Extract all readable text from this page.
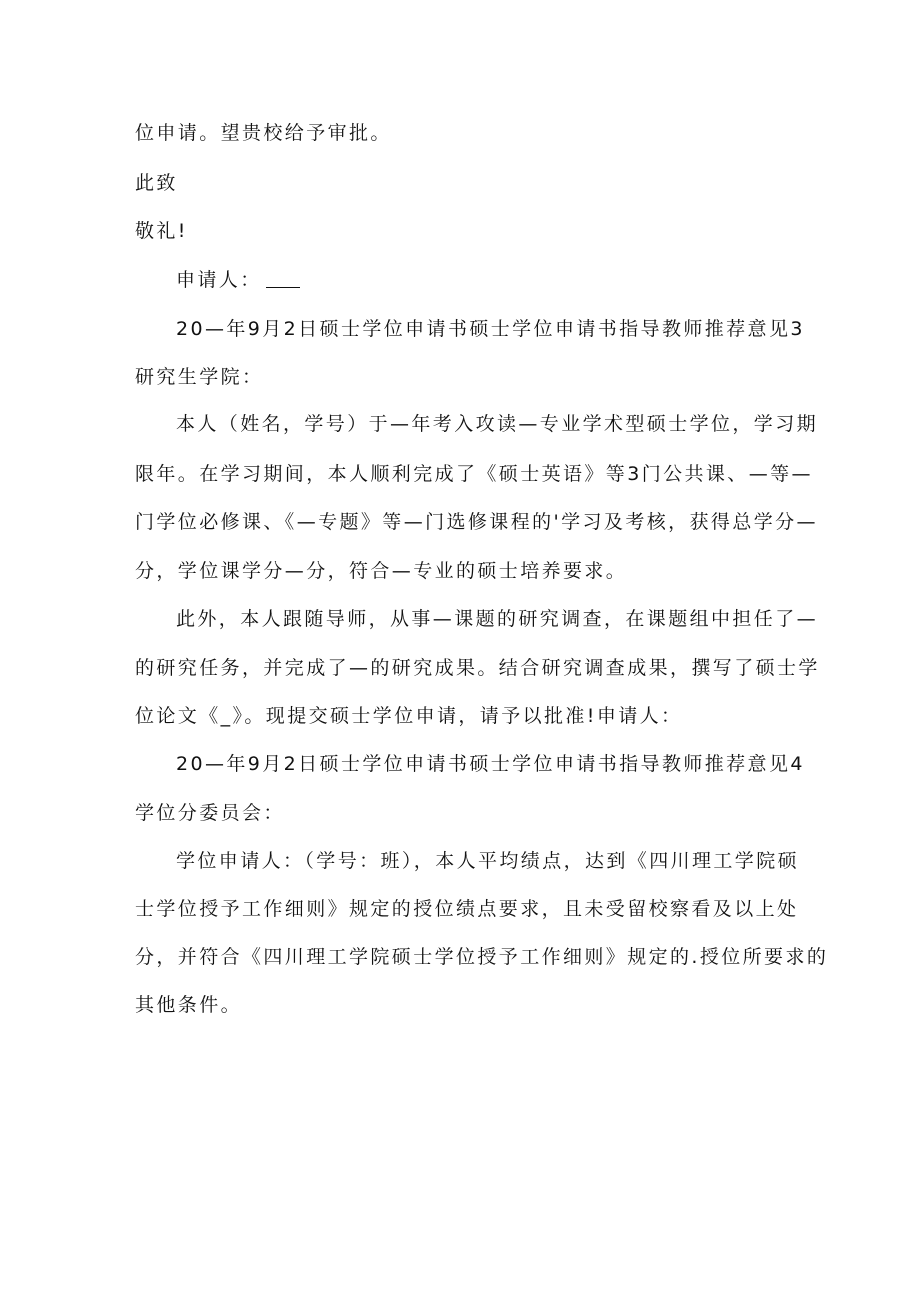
位申请。望贵校给予审批。

此致

敬礼!

申请人：

20—年9月2日硕士学位申请书硕士学位申请书指导教师推荐意见3

研究生学院：

本人（姓名，学号）于—年考入攻读—专业学术型硕士学位，学习期

限年。在学习期间，本人顺利完成了《硕士英语》等3门公共课、—等—

门学位必修课、《—专题》等—门选修课程的'学习及考核，获得总学分—

分，学位课学分—分，符合—专业的硕士培养要求。

此外，本人跟随导师，从事—课题的研究调查，在课题组中担任了—

的研究任务，并完成了—的研究成果。结合研究调查成果，撰写了硕士学

位论文《_》。现提交硕士学位申请，请予以批准!申请人：

20—年9月2日硕士学位申请书硕士学位申请书指导教师推荐意见4

学位分委员会：

学位申请人：（学号：班），本人平均绩点，达到《四川理工学院硕

士学位授予工作细则》规定的授位绩点要求，且未受留校察看及以上处

分，并符合《四川理工学院硕士学位授予工作细则》规定的.授位所要求的

其他条件。
